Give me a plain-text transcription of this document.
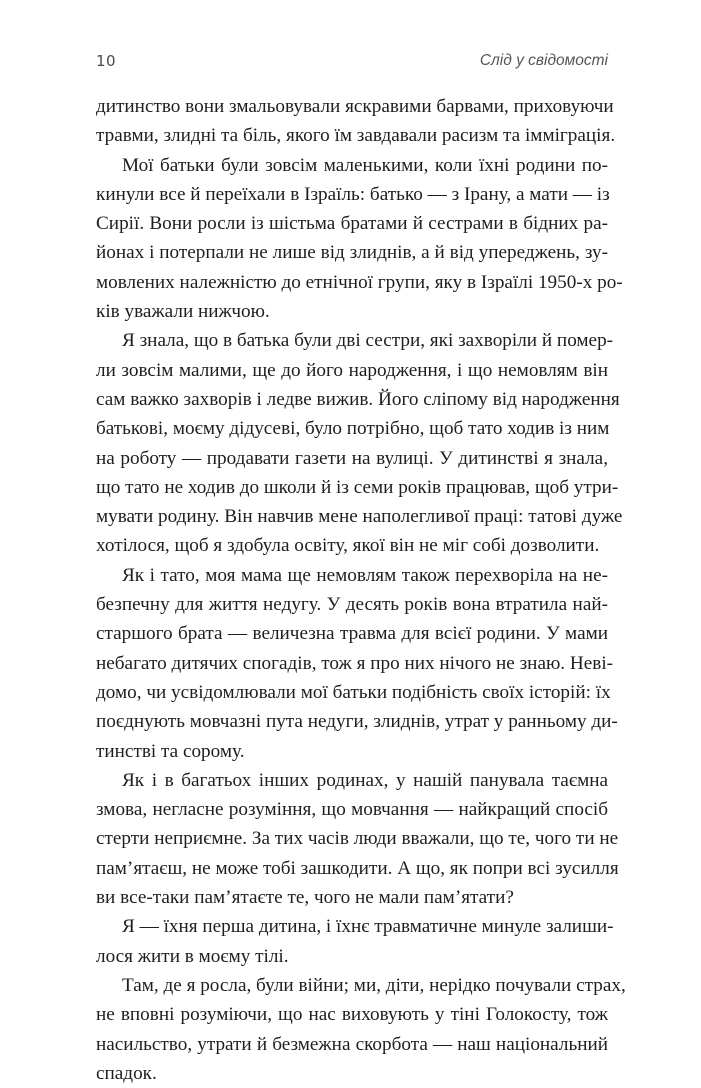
10	Слід у свідомості

дитинство вони змальовували яскравими барвами, приховуючи
травми, злидні та біль, якого їм завдавали расизм та імміграція.

Мої батьки були зовсім маленькими, коли їхні родини по-
кинули все й переїхали в Ізраїль: батько — з Ірану, а мати — із
Сирії. Вони росли із шістьма братами й сестрами в бідних ра-
йонах і потерпали не лише від злиднів, а й від упереджень, зу-
мовлених належністю до етнічної групи, яку в Ізраїлі 1950-х ро-
ків уважали нижчою.

Я знала, що в батька були дві сестри, які захворіли й помер-
ли зовсім малими, ще до його народження, і що немовлям він
сам важко захворів і ледве вижив. Його сліпому від народження
батькові, моєму дідусеві, було потрібно, щоб тато ходив із ним
на роботу — продавати газети на вулиці. У дитинстві я знала,
що тато не ходив до школи й із семи років працював, щоб утри-
мувати родину. Він навчив мене наполегливої праці: татові дуже
хотілося, щоб я здобула освіту, якої він не міг собі дозволити.

Як і тато, моя мама ще немовлям також перехворіла на не-
безпечну для життя недугу. У десять років вона втратила най-
старшого брата — величезна травма для всієї родини. У мами
небагато дитячих спогадів, тож я про них нічого не знаю. Неві-
домо, чи усвідомлювали мої батьки подібність своїх історій: їх
поєднують мовчазні пута недуги, злиднів, утрат у ранньому ди-
тинстві та сорому.

Як і в багатьох інших родинах, у нашій панувала таємна
змова, негласне розуміння, що мовчання — найкращий спосіб
стерти неприємне. За тих часів люди вважали, що те, чого ти не
пам’ятаєш, не може тобі зашкодити. А що, як попри всі зусилля
ви все-таки пам’ятаєте те, чого не мали пам’ятати?

Я — їхня перша дитина, і їхнє травматичне минуле залиши-
лося жити в моєму тілі.

Там, де я росла, були війни; ми, діти, нерідко почували страх,
не вповні розуміючи, що нас виховують у тіні Голокосту, тож
насильство, утрати й безмежна скорбота — наш національний
спадок.
